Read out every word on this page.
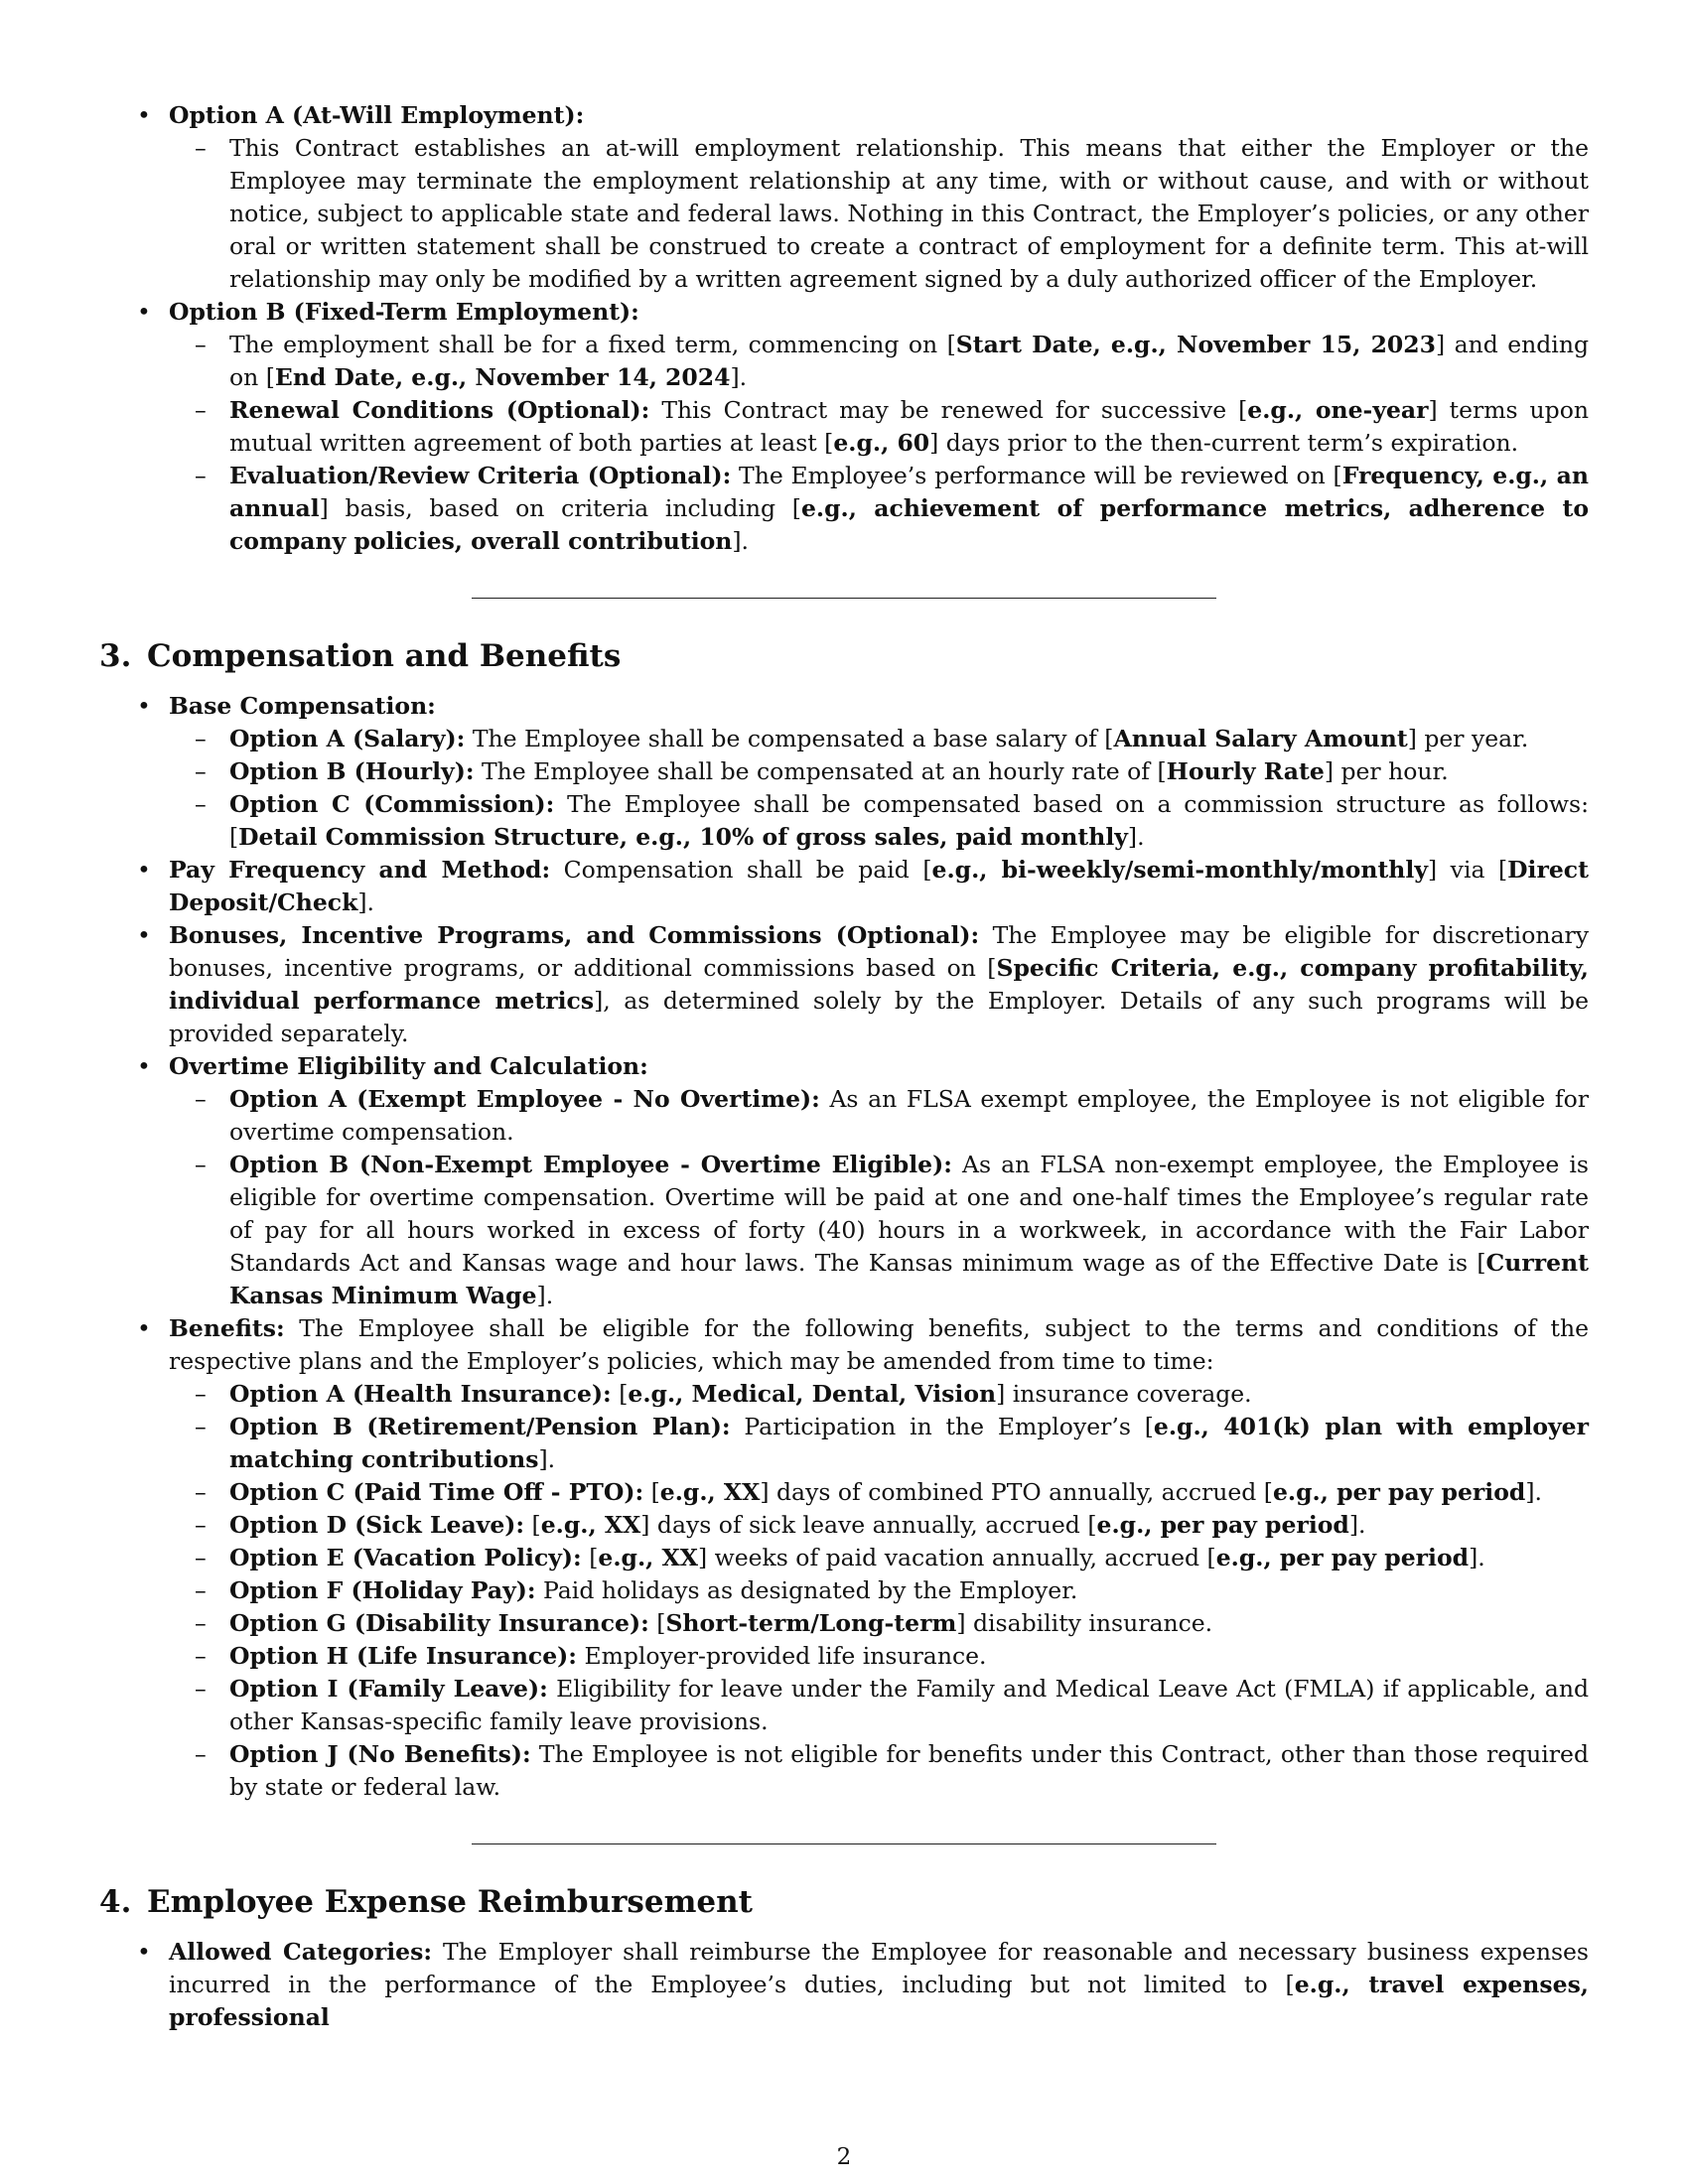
• Option A (At-Will Employment):
– This Contract establishes an at-will employment relationship. This means that either the Employer or the Employee may terminate the employment relationship at any time, with or without cause, and with or without notice, subject to applicable state and federal laws. Nothing in this Contract, the Employer’s policies, or any other oral or written statement shall be construed to create a contract of employment for a definite term. This at-will relationship may only be modified by a written agreement signed by a duly authorized officer of the Employer.
• Option B (Fixed-Term Employment):
– The employment shall be for a fixed term, commencing on [Start Date, e.g., November 15, 2023] and ending on [End Date, e.g., November 14, 2024].
– Renewal Conditions (Optional): This Contract may be renewed for successive [e.g., one-year] terms upon mutual written agreement of both parties at least [e.g., 60] days prior to the then-current term’s expiration.
– Evaluation/Review Criteria (Optional): The Employee’s performance will be reviewed on [Frequency, e.g., an annual] basis, based on criteria including [e.g., achievement of performance metrics, adherence to company policies, overall contribution].
3. Compensation and Benefits
• Base Compensation:
– Option A (Salary): The Employee shall be compensated a base salary of [Annual Salary Amount] per year.
– Option B (Hourly): The Employee shall be compensated at an hourly rate of [Hourly Rate] per hour.
– Option C (Commission): The Employee shall be compensated based on a commission structure as follows: [Detail Commission Structure, e.g., 10% of gross sales, paid monthly].
• Pay Frequency and Method: Compensation shall be paid [e.g., bi-weekly/semi-monthly/monthly] via [Direct Deposit/Check].
• Bonuses, Incentive Programs, and Commissions (Optional): The Employee may be eligible for discretionary bonuses, incentive programs, or additional commissions based on [Specific Criteria, e.g., company profitability, individual performance metrics], as determined solely by the Employer. Details of any such programs will be provided separately.
• Overtime Eligibility and Calculation:
– Option A (Exempt Employee - No Overtime): As an FLSA exempt employee, the Employee is not eligible for overtime compensation.
– Option B (Non-Exempt Employee - Overtime Eligible): As an FLSA non-exempt employee, the Employee is eligible for overtime compensation. Overtime will be paid at one and one-half times the Employee’s regular rate of pay for all hours worked in excess of forty (40) hours in a workweek, in accordance with the Fair Labor Standards Act and Kansas wage and hour laws. The Kansas minimum wage as of the Effective Date is [Current Kansas Minimum Wage].
• Benefits: The Employee shall be eligible for the following benefits, subject to the terms and conditions of the respective plans and the Employer’s policies, which may be amended from time to time:
– Option A (Health Insurance): [e.g., Medical, Dental, Vision] insurance coverage.
– Option B (Retirement/Pension Plan): Participation in the Employer’s [e.g., 401(k) plan with employer matching contributions].
– Option C (Paid Time Off - PTO): [e.g., XX] days of combined PTO annually, accrued [e.g., per pay period].
– Option D (Sick Leave): [e.g., XX] days of sick leave annually, accrued [e.g., per pay period].
– Option E (Vacation Policy): [e.g., XX] weeks of paid vacation annually, accrued [e.g., per pay period].
– Option F (Holiday Pay): Paid holidays as designated by the Employer.
– Option G (Disability Insurance): [Short-term/Long-term] disability insurance.
– Option H (Life Insurance): Employer-provided life insurance.
– Option I (Family Leave): Eligibility for leave under the Family and Medical Leave Act (FMLA) if applicable, and other Kansas-specific family leave provisions.
– Option J (No Benefits): The Employee is not eligible for benefits under this Contract, other than those required by state or federal law.
4. Employee Expense Reimbursement
• Allowed Categories: The Employer shall reimburse the Employee for reasonable and necessary business expenses incurred in the performance of the Employee’s duties, including but not limited to [e.g., travel expenses, professional
2
